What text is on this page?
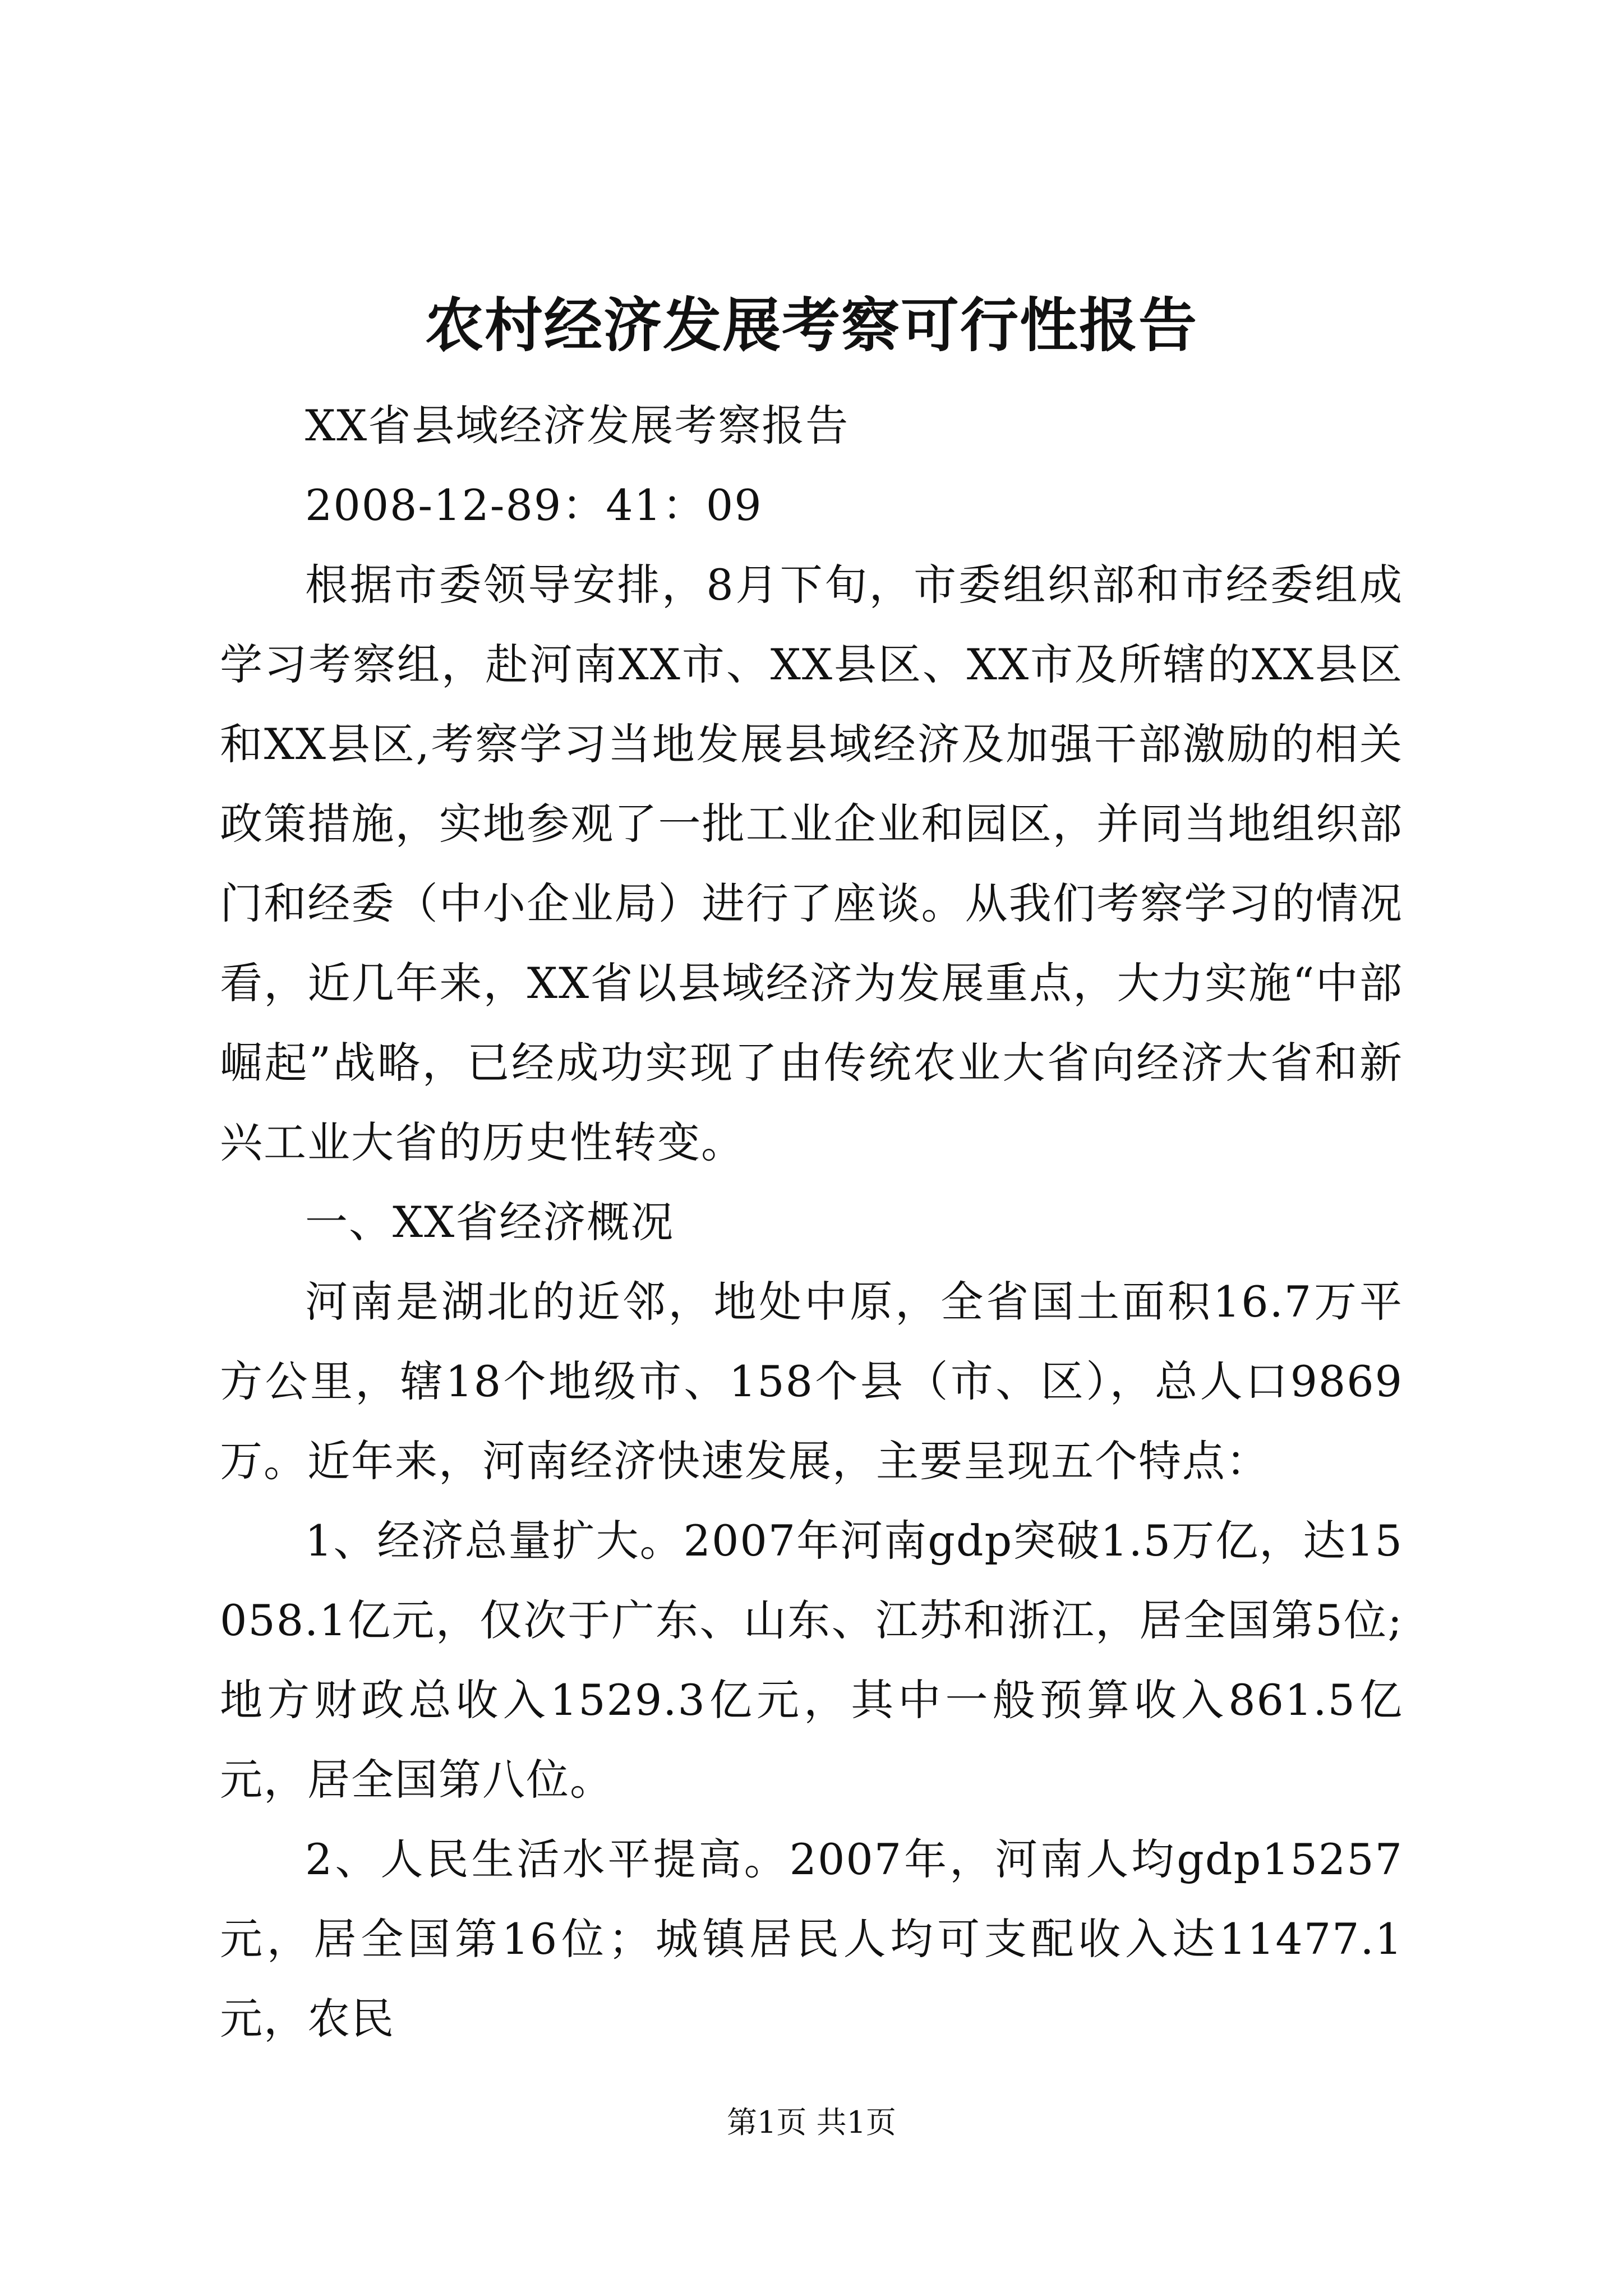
农村经济发展考察可行性报告

XX省县域经济发展考察报告

2008-12-89：41：09

根据市委领导安排，8月下旬，市委组织部和市经委组成学习考察组，赴河南XX市、XX县区、XX市及所辖的XX县区和XX县区,考察学习当地发展县域经济及加强干部激励的相关政策措施，实地参观了一批工业企业和园区，并同当地组织部门和经委（中小企业局）进行了座谈。从我们考察学习的情况看，近几年来，XX省以县域经济为发展重点，大力实施“中部崛起”战略，已经成功实现了由传统农业大省向经济大省和新兴工业大省的历史性转变。

一、XX省经济概况

河南是湖北的近邻，地处中原，全省国土面积16.7万平方公里，辖18个地级市、158个县（市、区），总人口9869万。近年来，河南经济快速发展，主要呈现五个特点：

1、经济总量扩大。2007年河南gdp突破1.5万亿，达15058.1亿元，仅次于广东、山东、江苏和浙江，居全国第5位;地方财政总收入1529.3亿元，其中一般预算收入861.5亿元，居全国第八位。

2、人民生活水平提高。2007年，河南人均gdp15257元，居全国第16位；城镇居民人均可支配收入达11477.1元，农民

第1页 共1页
